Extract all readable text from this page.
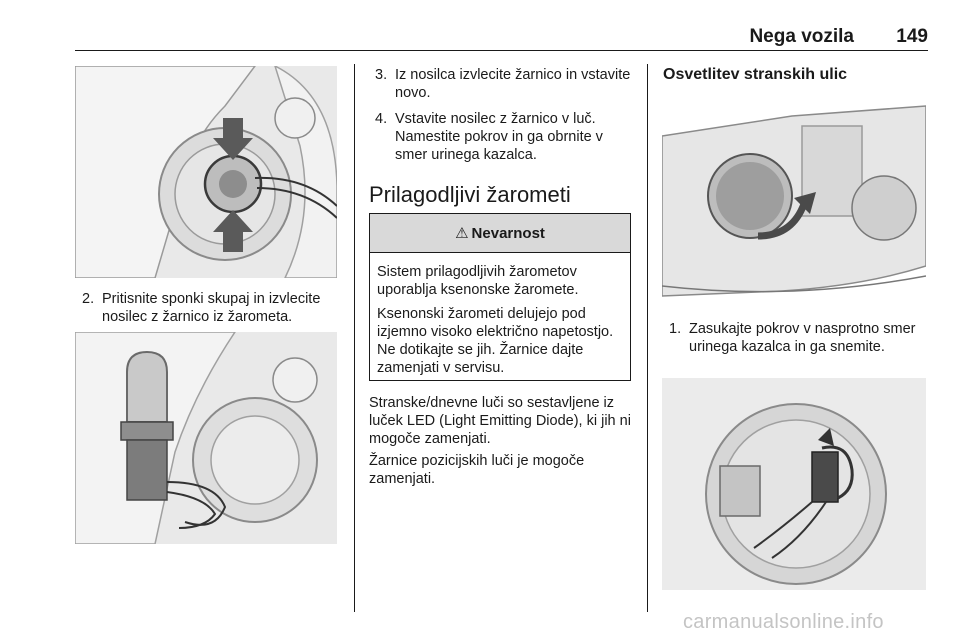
Nega vozila	149
2. Pritisnite sponki skupaj in izvlecite nosilec z žarnico iz žarometa.
3. Iz nosilca izvlecite žarnico in vstavite novo.
4. Vstavite nosilec z žarnico v luč. Namestite pokrov in ga obrnite v smer urinega kazalca.
Prilagodljivi žarometi
⚠ Nevarnost

Sistem prilagodljivih žarometov uporablja ksenonske žaromete.

Ksenonski žarometi delujejo pod izjemno visoko električno napetostjo. Ne dotikajte se jih. Žarnice dajte zamenjati v servisu.

Stranske/dnevne luči so sestavljene iz luček LED (Light Emitting Diode), ki jih ni mogoče zamenjati.
Žarnice pozicijskih luči je mogoče zamenjati.
Osvetlitev stranskih ulic
1. Zasukajte pokrov v nasprotno smer urinega kazalca in ga snemite.
carmanualsonline.info
